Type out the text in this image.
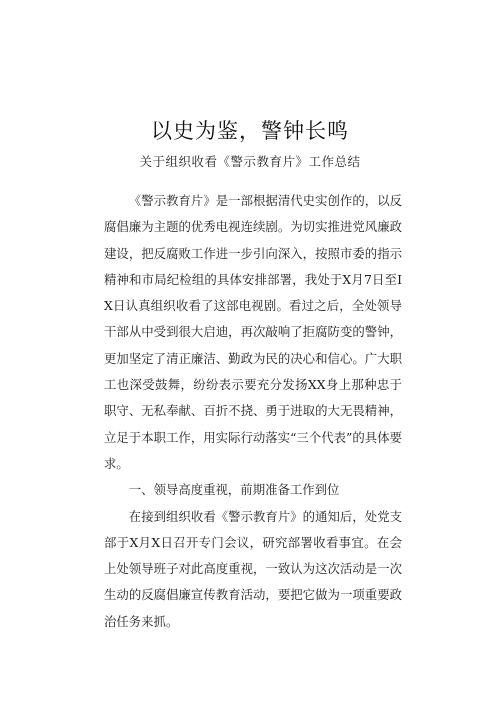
以史为鉴，警钟长鸣
关于组织收看《警示教育片》工作总结

《警示教育片》是一部根据清代史实创作的，以反腐倡廉为主题的优秀电视连续剧。为切实推进党风廉政建设，把反腐败工作进一步引向深入，按照市委的指示精神和市局纪检组的具体安排部署，我处于X月7日至IX日认真组织收看了这部电视剧。看过之后，全处领导干部从中受到很大启迪，再次敲响了拒腐防变的警钟，更加坚定了清正廉洁、勤政为民的决心和信心。广大职工也深受鼓舞，纷纷表示要充分发扬XX身上那种忠于职守、无私奉献、百折不挠、勇于进取的大无畏精神，立足于本职工作，用实际行动落实“三个代表”的具体要求。

一、领导高度重视，前期准备工作到位

在接到组织收看《警示教育片》的通知后，处党支部于X月X日召开专门会议，研究部署收看事宜。在会上处领导班子对此高度重视，一致认为这次活动是一次生动的反腐倡廉宣传教育活动，要把它做为一项重要政治任务来抓。
